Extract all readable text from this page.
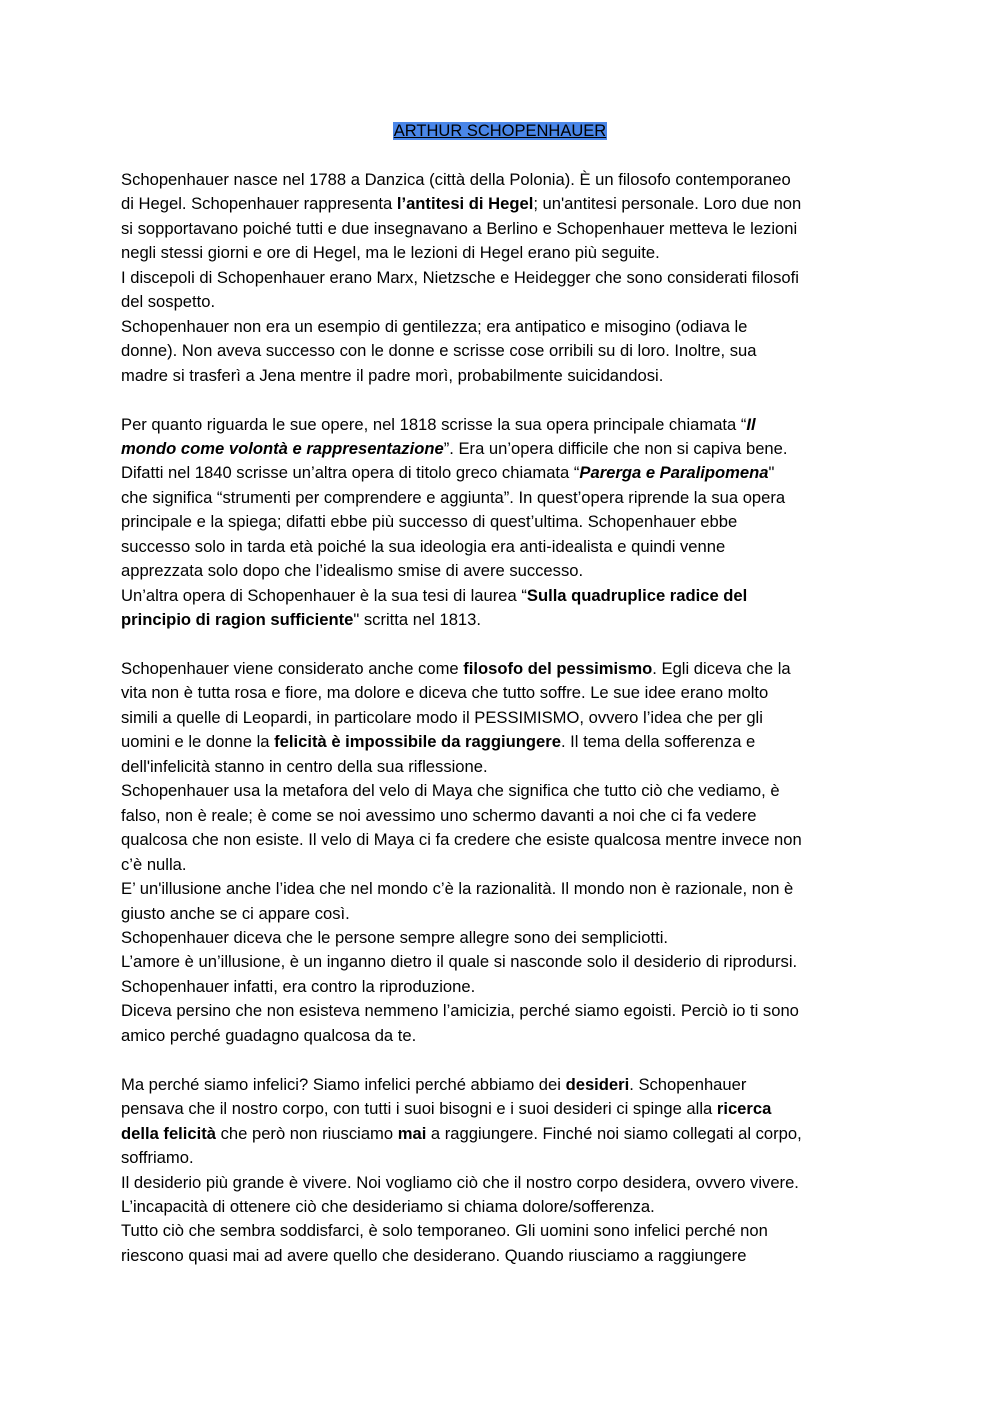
ARTHUR SCHOPENHAUER
Schopenhauer nasce nel 1788 a Danzica (città della Polonia). È un filosofo contemporaneo
di Hegel. Schopenhauer rappresenta l’antitesi di Hegel; un'antitesi personale. Loro due non
si sopportavano poiché tutti e due insegnavano a Berlino e Schopenhauer metteva le lezioni
negli stessi giorni e ore di Hegel, ma le lezioni di Hegel erano più seguite.
I discepoli di Schopenhauer erano Marx, Nietzsche e Heidegger che sono considerati filosofi
del sospetto.
Schopenhauer non era un esempio di gentilezza; era antipatico e misogino (odiava le
donne). Non aveva successo con le donne e scrisse cose orribili su di loro. Inoltre, sua
madre si trasferì a Jena mentre il padre morì, probabilmente suicidandosi.
Per quanto riguarda le sue opere, nel 1818 scrisse la sua opera principale chiamata “Il
mondo come volontà e rappresentazione”. Era un’opera difficile che non si capiva bene.
Difatti nel 1840 scrisse un’altra opera di titolo greco chiamata “Parerga e Paralipomena"
che significa “strumenti per comprendere e aggiunta”. In quest’opera riprende la sua opera
principale e la spiega; difatti ebbe più successo di quest’ultima. Schopenhauer ebbe
successo solo in tarda età poiché la sua ideologia era anti-idealista e quindi venne
apprezzata solo dopo che l’idealismo smise di avere successo.
Un’altra opera di Schopenhauer è la sua tesi di laurea “Sulla quadruplice radice del
principio di ragion sufficiente" scritta nel 1813.
Schopenhauer viene considerato anche come filosofo del pessimismo. Egli diceva che la
vita non è tutta rosa e fiore, ma dolore e diceva che tutto soffre. Le sue idee erano molto
simili a quelle di Leopardi, in particolare modo il PESSIMISMO, ovvero l’idea che per gli
uomini e le donne la felicità è impossibile da raggiungere. Il tema della sofferenza e
dell'infelicità stanno in centro della sua riflessione.
Schopenhauer usa la metafora del velo di Maya che significa che tutto ciò che vediamo, è
falso, non è reale; è come se noi avessimo uno schermo davanti a noi che ci fa vedere
qualcosa che non esiste. Il velo di Maya ci fa credere che esiste qualcosa mentre invece non
c’è nulla.
E’ un'illusione anche l’idea che nel mondo c’è la razionalità. Il mondo non è razionale, non è
giusto anche se ci appare così.
Schopenhauer diceva che le persone sempre allegre sono dei sempliciotti.
L’amore è un’illusione, è un inganno dietro il quale si nasconde solo il desiderio di riprodursi.
Schopenhauer infatti, era contro la riproduzione.
Diceva persino che non esisteva nemmeno l’amicizia, perché siamo egoisti. Perciò io ti sono
amico perché guadagno qualcosa da te.
Ma perché siamo infelici? Siamo infelici perché abbiamo dei desideri. Schopenhauer
pensava che il nostro corpo, con tutti i suoi bisogni e i suoi desideri ci spinge alla ricerca
della felicità che però non riusciamo mai a raggiungere. Finché noi siamo collegati al corpo,
soffriamo.
Il desiderio più grande è vivere. Noi vogliamo ciò che il nostro corpo desidera, ovvero vivere.
L’incapacità di ottenere ciò che desideriamo si chiama dolore/sofferenza.
Tutto ciò che sembra soddisfarci, è solo temporaneo. Gli uomini sono infelici perché non
riescono quasi mai ad avere quello che desiderano. Quando riusciamo a raggiungere
